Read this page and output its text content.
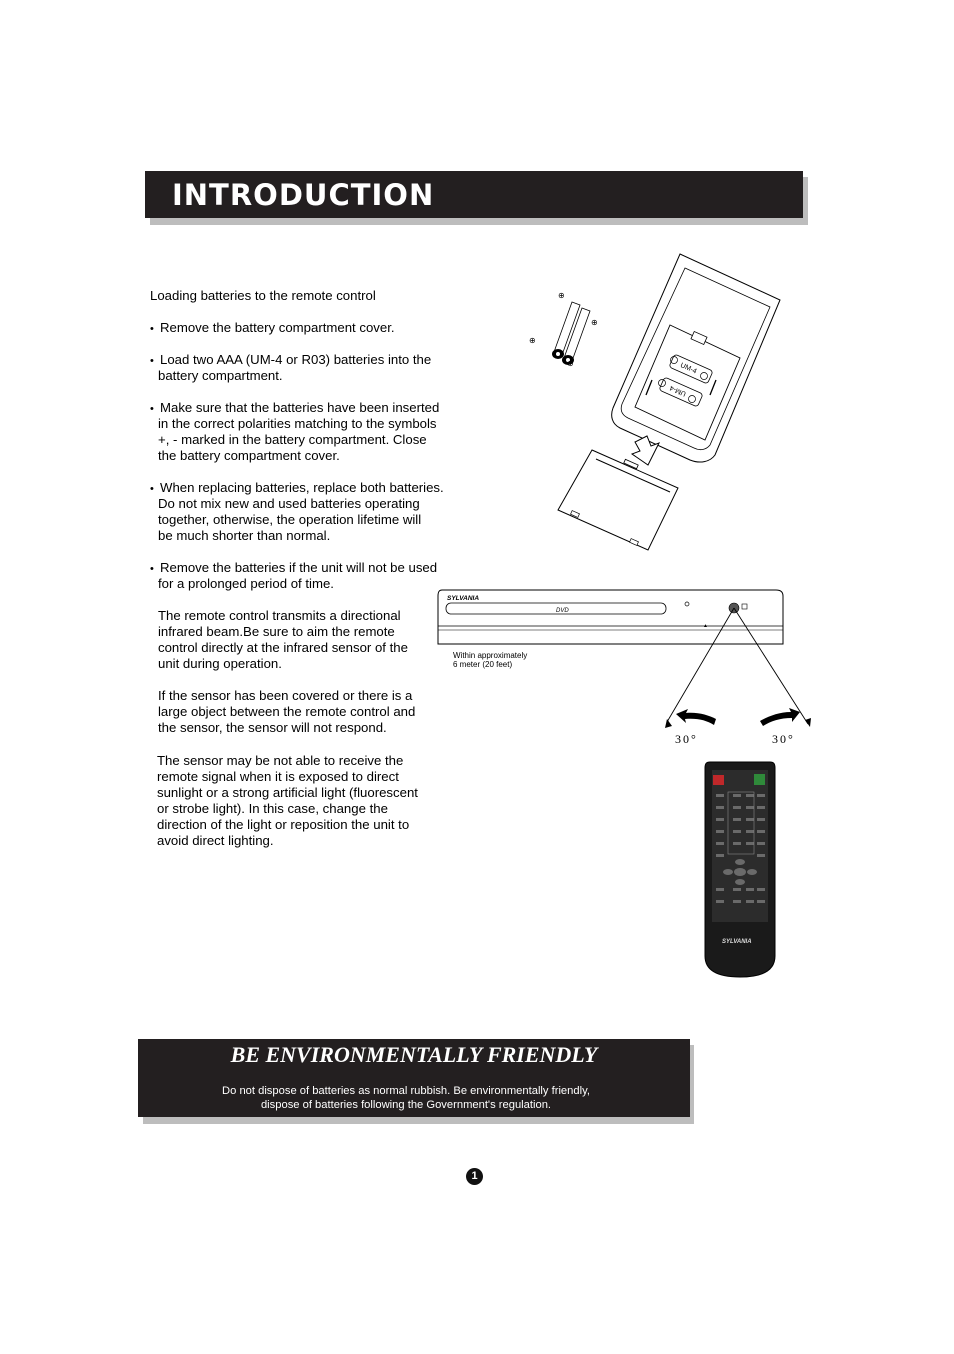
INTRODUCTION
Loading batteries to the remote control
• Remove the battery compartment cover.
• Load two AAA (UM-4 or R03) batteries into the
battery compartment.
• Make sure that the batteries have been inserted
in the correct polarities matching to the symbols
+, - marked in the battery compartment. Close
the battery compartment cover.
• When replacing batteries, replace both batteries.
Do not mix new and used batteries operating
together, otherwise, the operation lifetime will
be much shorter than normal.
• Remove the batteries if the unit will not be used
for a prolonged period of time.
The remote control transmits a directional
infrared beam.Be sure to aim the remote
control directly at the infrared sensor of the
unit during operation.
If the sensor has been covered or there is a
large object between the remote control and
the sensor, the sensor will not respond.
The sensor may be not able to receive the
remote signal when it is exposed to direct
sunlight or a strong artificial light (fluorescent
or strobe light). In this case, change the
direction of the light or reposition the unit to
avoid direct lighting.
UM-4
UM-4
⊕
⊕
⊕
⊕
▲
SYLVANIA
DVD
Within approximately
6 meter (20 feet)
30°	30°
SYLVANIA
BE ENVIRONMENTALLY FRIENDLY
Do not dispose of batteries as normal rubbish. Be environmentally friendly,
dispose of batteries following the Government's regulation.
1
